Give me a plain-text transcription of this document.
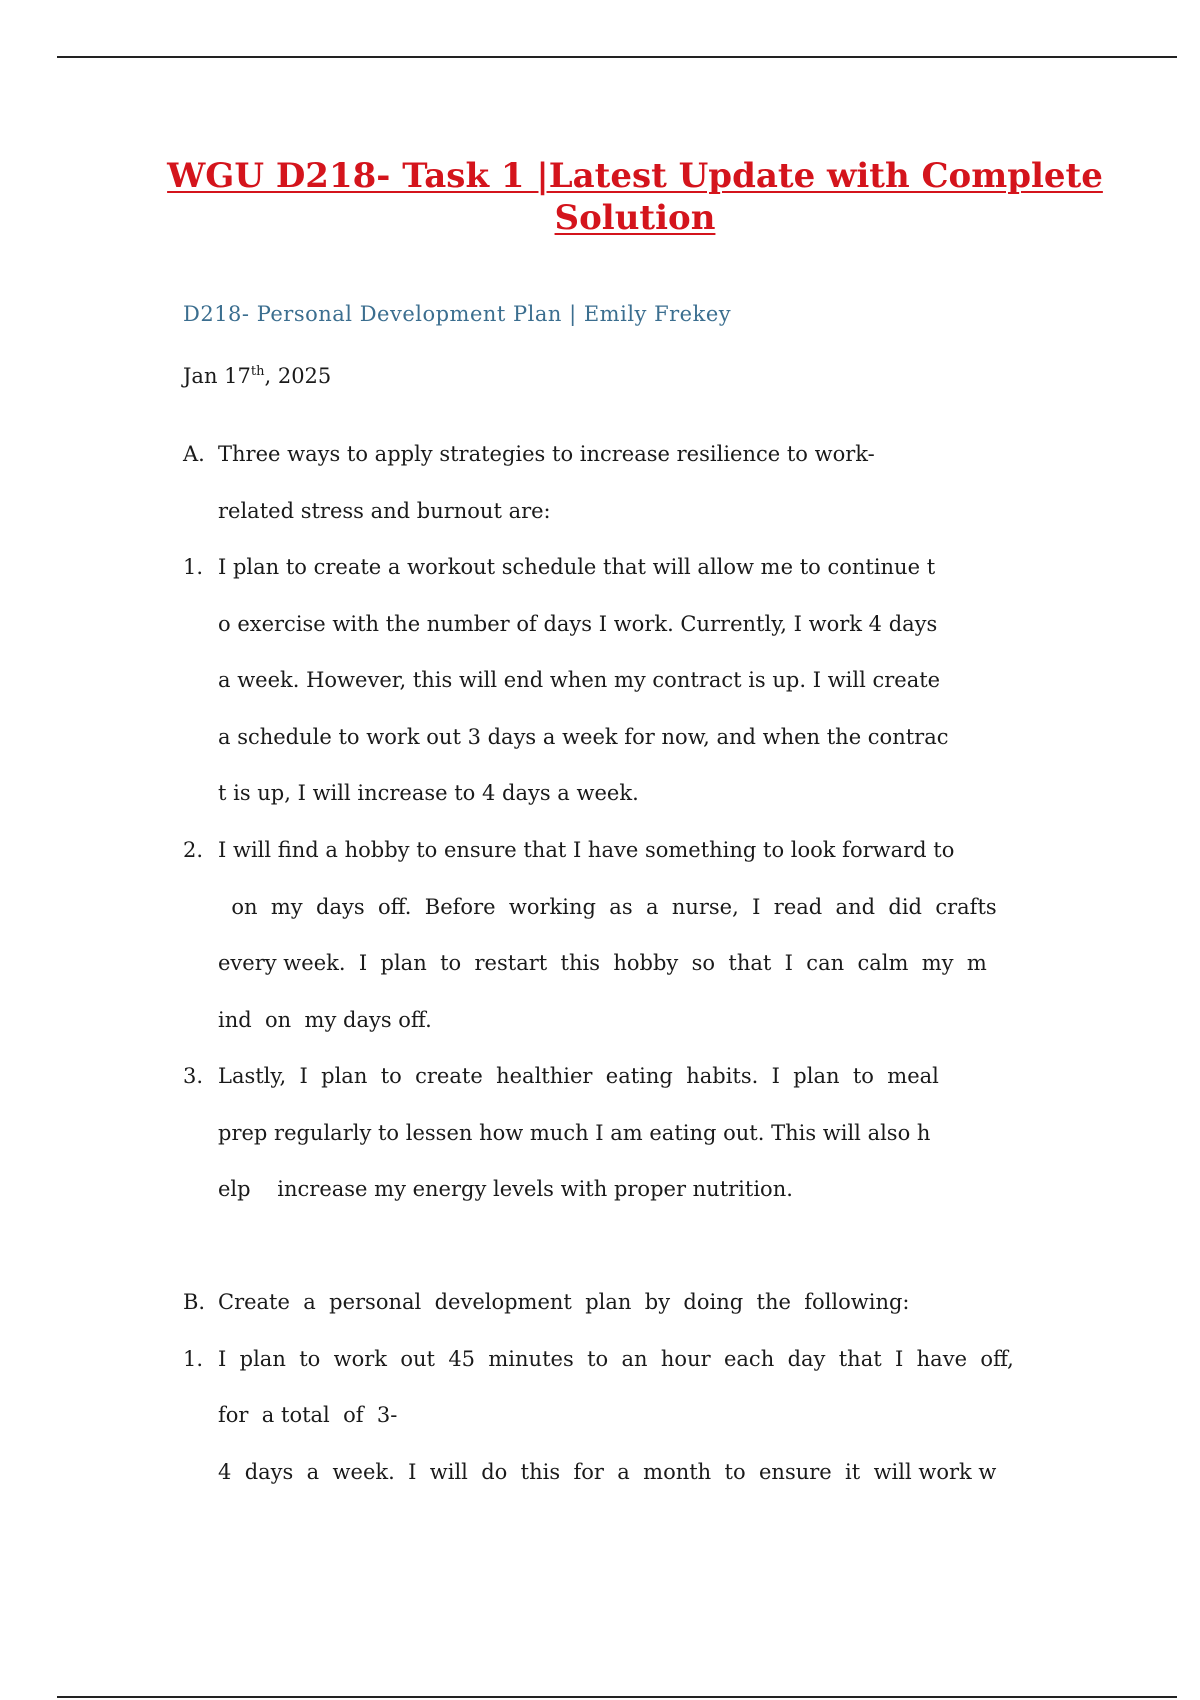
WGU D218- Task 1 |Latest Update with Complete
Solution
D218- Personal Development Plan | Emily Frekey
Jan 17th, 2025
A. Three ways to apply strategies to increase resilience to work-
related stress and burnout are:
1. I plan to create a workout schedule that will allow me to continue t
o exercise with the number of days I work. Currently, I work 4 days
a week. However, this will end when my contract is up. I will create
a schedule to work out 3 days a week for now, and when the contrac
t is up, I will increase to 4 days a week.
2. I will find a hobby to ensure that I have something to look forward to
on  my  days  off.  Before  working  as  a  nurse,  I  read  and  did  crafts
every week.  I  plan  to  restart  this  hobby  so  that  I  can  calm  my  m
ind  on  my days off.
3. Lastly,  I  plan  to  create  healthier  eating  habits.  I  plan  to  meal
prep regularly to lessen how much I am eating out. This will also h
elp    increase my energy levels with proper nutrition.
B. Create  a  personal  development  plan  by  doing  the  following:
1. I  plan  to  work  out  45  minutes  to  an  hour  each  day  that  I  have  off,
for  a total  of  3-
4  days  a  week.  I  will  do  this  for  a  month  to  ensure  it  will work w
